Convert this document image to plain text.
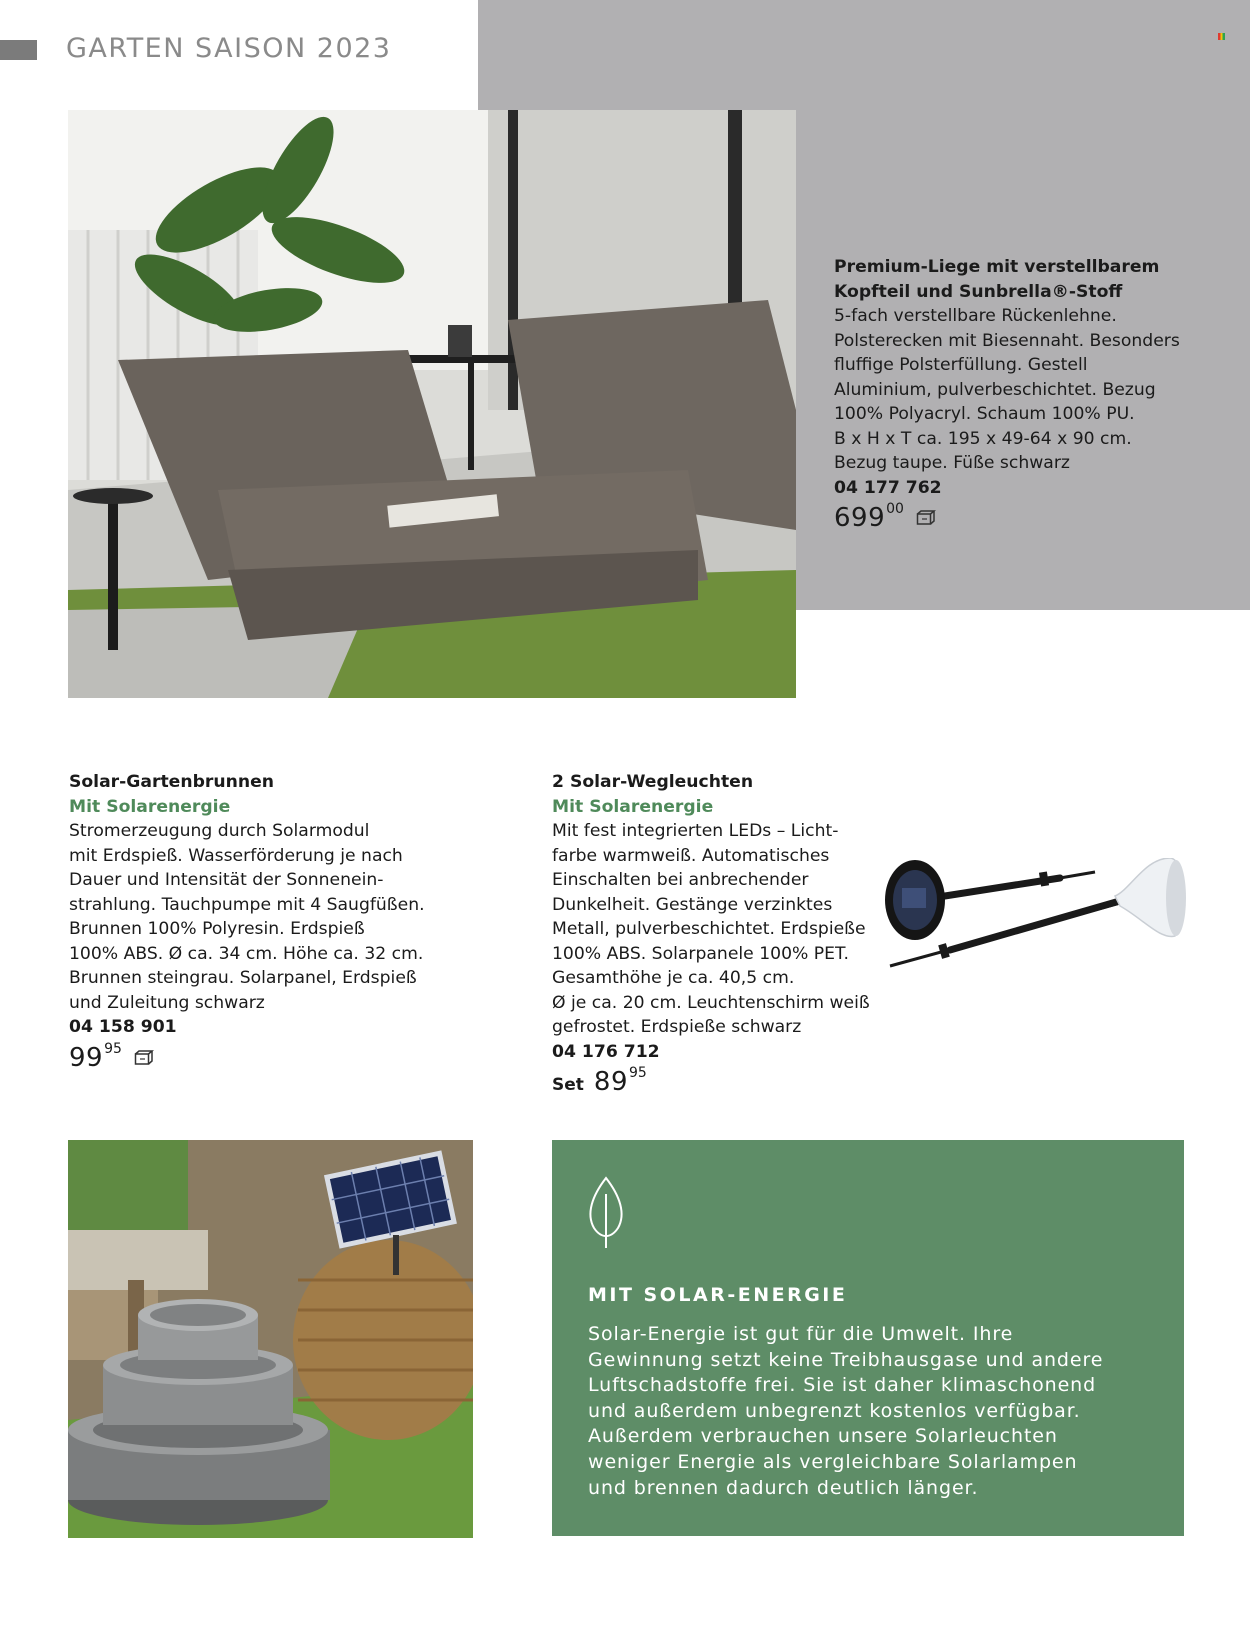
GARTEN SAISON 2023
Premium-Liege mit verstellbarem
Kopfteil und Sunbrella®-Stoff
5-fach verstellbare Rückenlehne.
Polsterecken mit Biesennaht. Besonders
fluffige Polsterfüllung. Gestell
Aluminium, pulverbeschichtet. Bezug
100% Polyacryl. Schaum 100% PU.
B x H x T ca. 195 x 49-64 x 90 cm.
Bezug taupe. Füße schwarz
04 177 762
699 00
Solar-Gartenbrunnen
Mit Solarenergie
Stromerzeugung durch Solarmodul
mit Erdspieß. Wasserförderung je nach
Dauer und Intensität der Sonnenein-
strahlung. Tauchpumpe mit 4 Saugfüßen.
Brunnen 100% Polyresin. Erdspieß
100% ABS. Ø ca. 34 cm. Höhe ca. 32 cm.
Brunnen steingrau. Solarpanel, Erdspieß
und Zuleitung schwarz
04 158 901
99 95
2 Solar-Wegleuchten
Mit Solarenergie
Mit fest integrierten LEDs – Licht-
farbe warmweiß. Automatisches
Einschalten bei anbrechender
Dunkelheit. Gestänge verzinktes
Metall, pulverbeschichtet. Erdspieße
100% ABS. Solarpanele 100% PET.
Gesamthöhe je ca. 40,5 cm.
Ø je ca. 20 cm. Leuchtenschirm weiß
gefrostet. Erdspieße schwarz
04 176 712
Set 89 95
MIT SOLAR-ENERGIE
Solar-Energie ist gut für die Umwelt. Ihre
Gewinnung setzt keine Treibhausgase und andere
Luftschadstoffe frei. Sie ist daher klimaschonend
und außerdem unbegrenzt kostenlos verfügbar.
Außerdem verbrauchen unsere Solarleuchten
weniger Energie als vergleichbare Solarlampen
und brennen dadurch deutlich länger.
